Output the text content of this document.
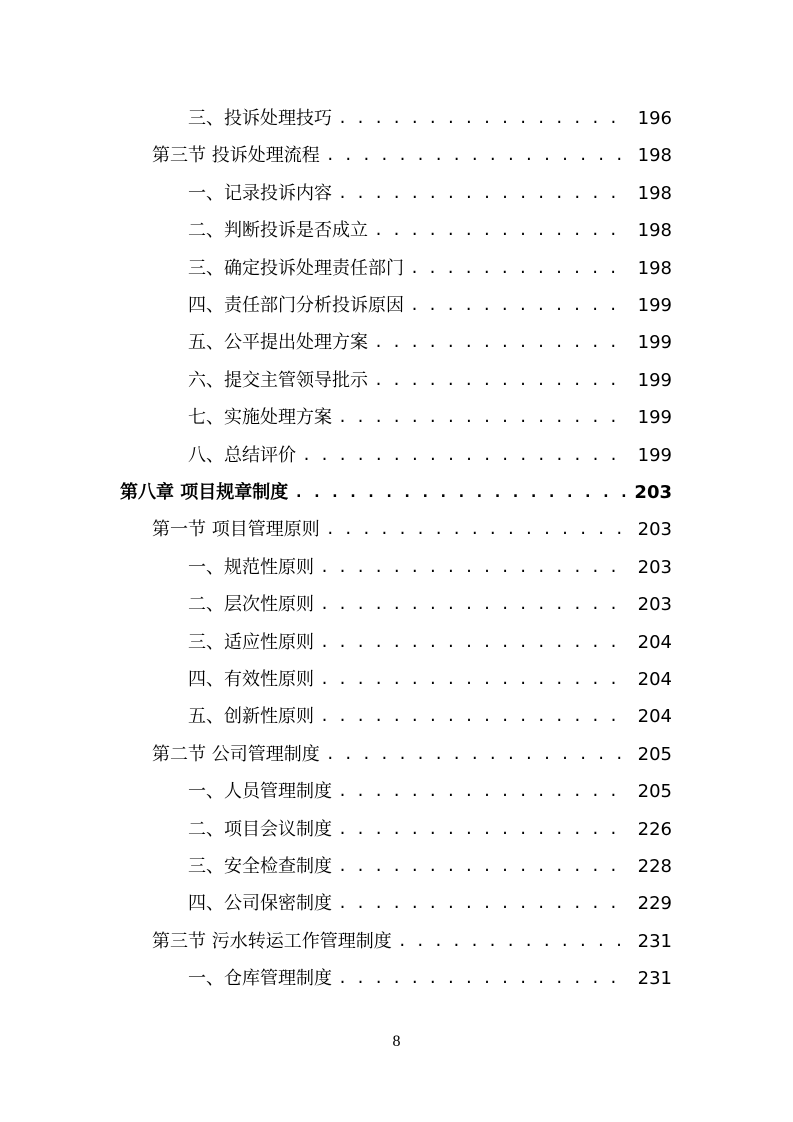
三、投诉处理技巧 . . .	196
第三节 投诉处理流程 . . .	198
一、记录投诉内容 . . .	198
二、判断投诉是否成立 . . .	198
三、确定投诉处理责任部门 . . .	198
四、责任部门分析投诉原因 . . .	199
五、公平提出处理方案 . . .	199
六、提交主管领导批示 . . .	199
七、实施处理方案 . . .	199
八、总结评价 . . .	199
第八章 项目规章制度 . . .	203
第一节 项目管理原则 . . .	203
一、规范性原则 . . .	203
二、层次性原则 . . .	203
三、适应性原则 . . .	204
四、有效性原则 . . .	204
五、创新性原则 . . .	204
第二节 公司管理制度 . . .	205
一、人员管理制度 . . .	205
二、项目会议制度 . . .	226
三、安全检查制度 . . .	228
四、公司保密制度 . . .	229
第三节 污水转运工作管理制度 . . .	231
一、仓库管理制度 . . .	231
8
